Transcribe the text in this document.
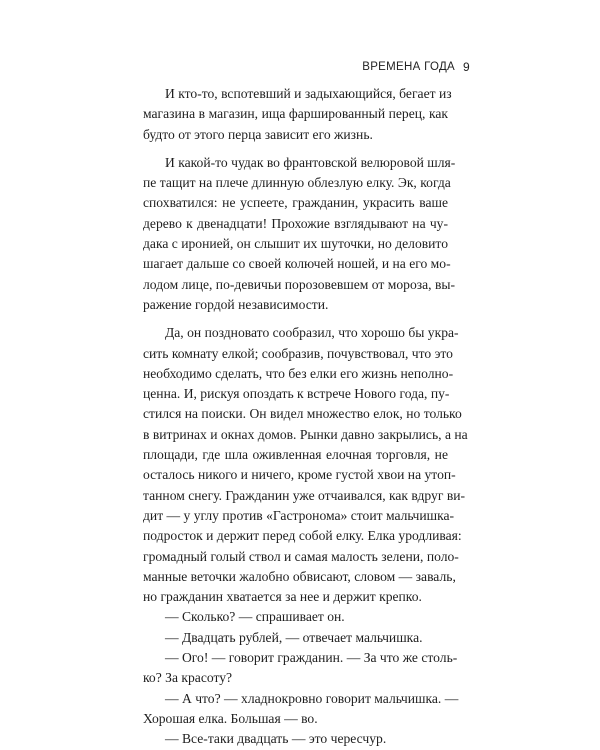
ВРЕМЕНА ГОДА 9
И кто-то, вспотевший и задыхающийся, бегает из
магазина в магазин, ища фаршированный перец, как
будто от этого перца зависит его жизнь.
И какой-то чудак во франтовской велюровой шля-
пе тащит на плече длинную облезлую елку. Эк, когда
спохватился: не успеете, гражданин, украсить ваше
дерево к двенадцати! Прохожие взглядывают на чу-
дака с иронией, он слышит их шуточки, но деловито
шагает дальше со своей колючей ношей, и на его мо-
лодом лице, по-девичьи порозовевшем от мороза, вы-
ражение гордой независимости.
Да, он поздновато сообразил, что хорошо бы укра-
сить комнату елкой; сообразив, почувствовал, что это
необходимо сделать, что без елки его жизнь неполно-
ценна. И, рискуя опоздать к встрече Нового года, пу-
стился на поиски. Он видел множество елок, но только
в витринах и окнах домов. Рынки давно закрылись, а на
площади, где шла оживленная елочная торговля, не
осталось никого и ничего, кроме густой хвои на утоп-
танном снегу. Гражданин уже отчаивался, как вдруг ви-
дит — у углу против «Гастронома» стоит мальчишка-
подросток и держит перед собой елку. Елка уродливая:
громадный голый ствол и самая малость зелени, поло-
манные веточки жалобно обвисают, словом — заваль,
но гражданин хватается за нее и держит крепко.
— Сколько? — спрашивает он.
— Двадцать рублей, — отвечает мальчишка.
— Ого! — говорит гражданин. — За что же столь-
ко? За красоту?
— А что? — хладнокровно говорит мальчишка. —
Хорошая елка. Большая — во.
— Все-таки двадцать — это чересчур.
